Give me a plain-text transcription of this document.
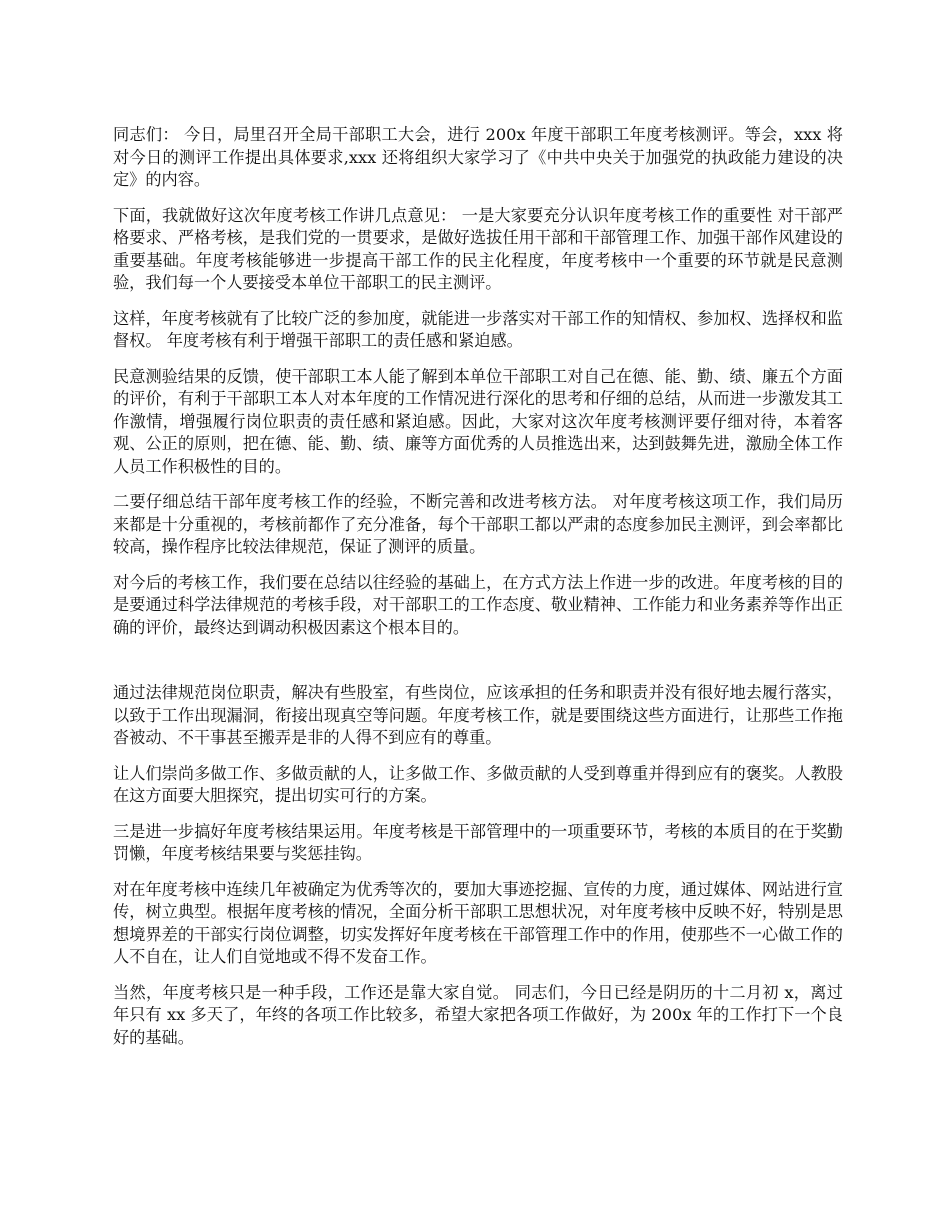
同志们： 今日，局里召开全局干部职工大会，进行 200x 年度干部职工年度考核测评。等会，xxx 将对今日的测评工作提出具体要求,xxx 还将组织大家学习了《中共中央关于加强党的执政能力建设的决定》的内容。

下面，我就做好这次年度考核工作讲几点意见： 一是大家要充分认识年度考核工作的重要性 对干部严格要求、严格考核，是我们党的一贯要求，是做好选拔任用干部和干部管理工作、加强干部作风建设的重要基础。年度考核能够进一步提高干部工作的民主化程度，年度考核中一个重要的环节就是民意测验，我们每一个人要接受本单位干部职工的民主测评。

这样，年度考核就有了比较广泛的参加度，就能进一步落实对干部工作的知情权、参加权、选择权和监督权。 年度考核有利于增强干部职工的责任感和紧迫感。

民意测验结果的反馈，使干部职工本人能了解到本单位干部职工对自己在德、能、勤、绩、廉五个方面的评价，有利于干部职工本人对本年度的工作情况进行深化的思考和仔细的总结，从而进一步激发其工作激情，增强履行岗位职责的责任感和紧迫感。因此，大家对这次年度考核测评要仔细对待，本着客观、公正的原则，把在德、能、勤、绩、廉等方面优秀的人员推选出来，达到鼓舞先进，激励全体工作人员工作积极性的目的。

二要仔细总结干部年度考核工作的经验，不断完善和改进考核方法。 对年度考核这项工作，我们局历来都是十分重视的，考核前都作了充分准备，每个干部职工都以严肃的态度参加民主测评，到会率都比较高，操作程序比较法律规范，保证了测评的质量。

对今后的考核工作，我们要在总结以往经验的基础上，在方式方法上作进一步的改进。年度考核的目的是要通过科学法律规范的考核手段，对干部职工的工作态度、敬业精神、工作能力和业务素养等作出正确的评价，最终达到调动积极因素这个根本目的。

通过法律规范岗位职责，解决有些股室，有些岗位，应该承担的任务和职责并没有很好地去履行落实，以致于工作出现漏洞，衔接出现真空等问题。年度考核工作，就是要围绕这些方面进行，让那些工作拖沓被动、不干事甚至搬弄是非的人得不到应有的尊重。

让人们崇尚多做工作、多做贡献的人，让多做工作、多做贡献的人受到尊重并得到应有的褒奖。人教股在这方面要大胆探究，提出切实可行的方案。

三是进一步搞好年度考核结果运用。年度考核是干部管理中的一项重要环节，考核的本质目的在于奖勤罚懒，年度考核结果要与奖惩挂钩。

对在年度考核中连续几年被确定为优秀等次的，要加大事迹挖掘、宣传的力度，通过媒体、网站进行宣传，树立典型。根据年度考核的情况，全面分析干部职工思想状况，对年度考核中反映不好，特别是思想境界差的干部实行岗位调整，切实发挥好年度考核在干部管理工作中的作用，使那些不一心做工作的人不自在，让人们自觉地或不得不发奋工作。

当然，年度考核只是一种手段，工作还是靠大家自觉。 同志们，今日已经是阴历的十二月初 x，离过年只有 xx 多天了，年终的各项工作比较多，希望大家把各项工作做好，为 200x 年的工作打下一个良好的基础。
